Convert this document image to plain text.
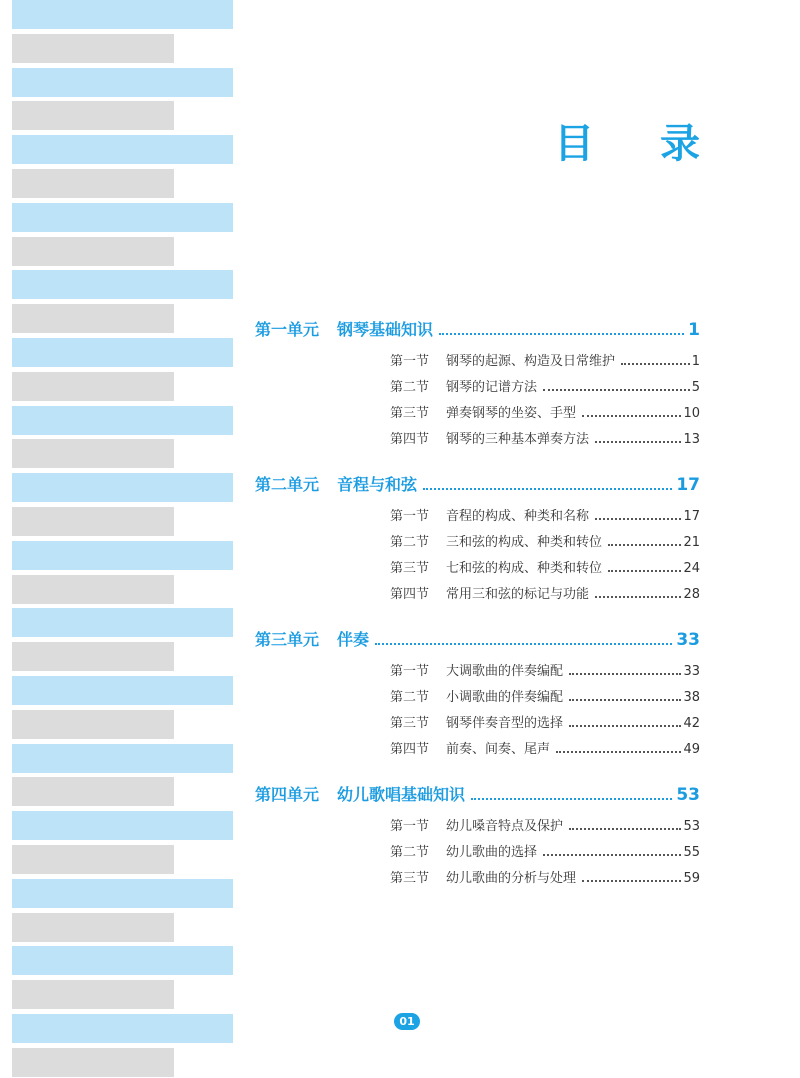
目 录
第一单元	钢琴基础知识	1
第一节	钢琴的起源、构造及日常维护	1
第二节	钢琴的记谱方法	5
第三节	弹奏钢琴的坐姿、手型	10
第四节	钢琴的三种基本弹奏方法	13
第二单元	音程与和弦	17
第一节	音程的构成、种类和名称	17
第二节	三和弦的构成、种类和转位	21
第三节	七和弦的构成、种类和转位	24
第四节	常用三和弦的标记与功能	28
第三单元	伴奏	33
第一节	大调歌曲的伴奏编配	33
第二节	小调歌曲的伴奏编配	38
第三节	钢琴伴奏音型的选择	42
第四节	前奏、间奏、尾声	49
第四单元	幼儿歌唱基础知识	53
第一节	幼儿嗓音特点及保护	53
第二节	幼儿歌曲的选择	55
第三节	幼儿歌曲的分析与处理	59
01
